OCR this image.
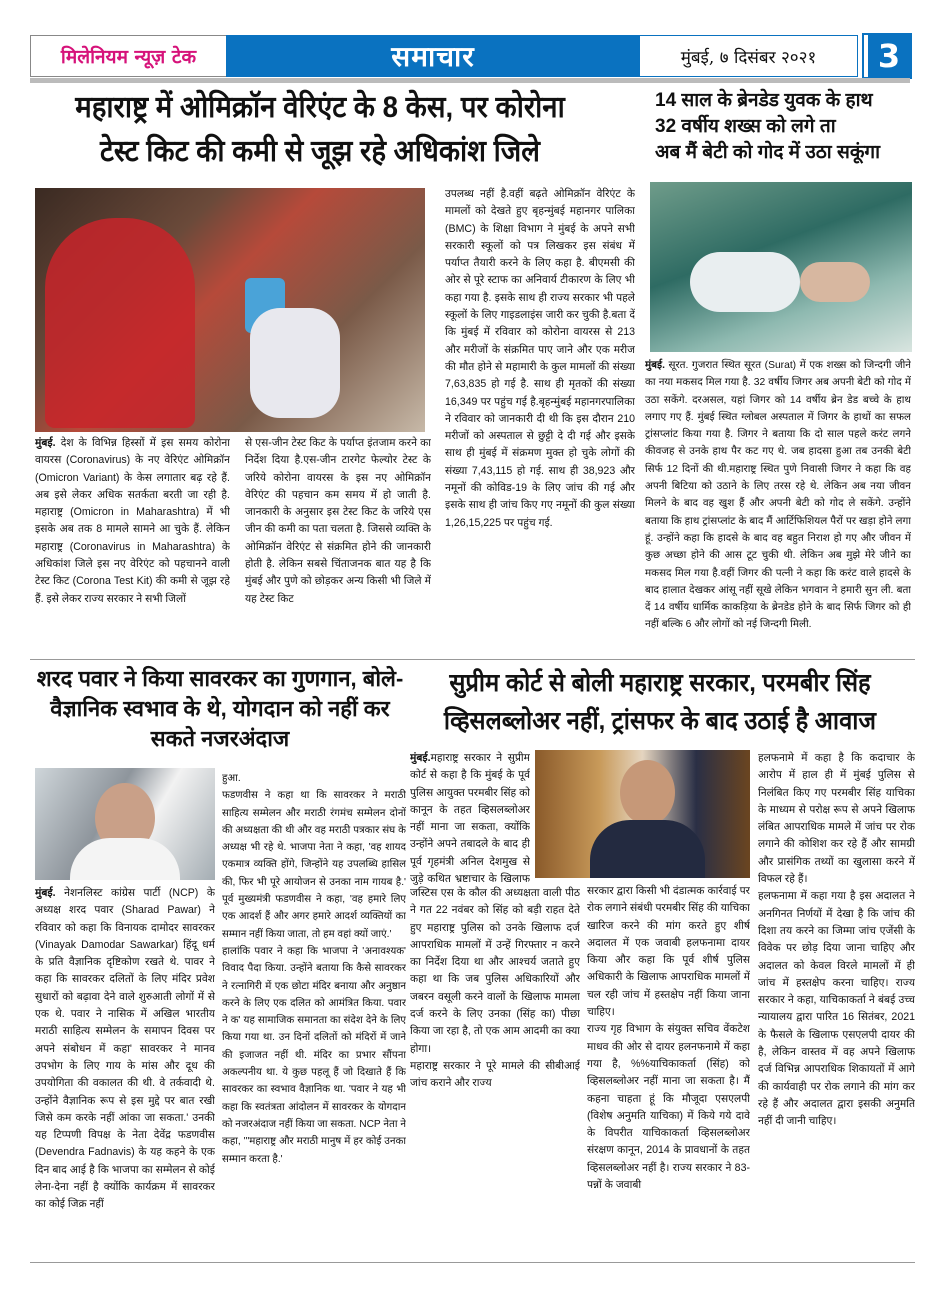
मिलेनियम न्यूज़ टेक	समाचार	मुंबई, ७ दिसंबर २०२१	3
महाराष्ट्र में ओमिक्रॉन वेरिएंट के 8 केस, पर कोरोना टेस्ट किट की कमी से जूझ रहे अधिकांश जिले
14 साल के ब्रेनडेड युवक के हाथ
32 वर्षीय शख्स को लगे ता
अब मैं बेटी को गोद में उठा सकूंगा
मुंबई. देश के विभिन्न हिस्सों में इस समय कोरोना वायरस (Coronavirus) के नए वेरिएंट ओमिक्रॉन (Omicron Variant) के केस लगातार बढ़ रहे हैं. अब इसे लेकर अधिक सतर्कता बरती जा रही है. महाराष्ट्र (Omicron in Maharashtra) में भी इसके अब तक 8 मामले सामने आ चुके हैं. लेकिन महाराष्ट्र (Coronavirus in Maharashtra) के अधिकांश जिले इस नए वेरिएंट को पहचानने वाली टेस्ट किट (Corona Test Kit) की कमी से जूझ रहे हैं. इसे लेकर राज्य सरकार ने सभी जिलों
से एस-जीन टेस्ट किट के पर्याप्त इंतजाम करने का निर्देश दिया है.एस-जीन टारगेट फेल्योर टेस्ट के जरिये कोरोना वायरस के इस नए ओमिक्रॉन वेरिएंट की पहचान कम समय में हो जाती है. जानकारी के अनुसार इस टेस्ट किट के जरिये एस जीन की कमी का पता चलता है. जिससे व्यक्ति के ओमिक्रॉन वेरिएंट से संक्रमित होने की जानकारी होती है. लेकिन सबसे चिंताजनक बात यह है कि मुंबई और पुणे को छोड़कर अन्य किसी भी जिले में यह टेस्ट किट
उपलब्ध नहीं है.वहीं बढ़ते ओमिक्रॉन वेरिएंट के मामलों को देखते हुए बृहन्मुंबई महानगर पालिका (BMC) के शिक्षा विभाग ने मुंबई के अपने सभी सरकारी स्कूलों को पत्र लिखकर इस संबंध में पर्याप्त तैयारी करने के लिए कहा है. बीएमसी की ओर से पूरे स्टाफ का अनिवार्य टीकारण के लिए भी कहा गया है. इसके साथ ही राज्य सरकार भी पहले स्कूलों के लिए गाइडलाइंस जारी कर चुकी है.बता दें कि मुंबई में रविवार को कोरोना वायरस से 213 और मरीजों के संक्रमित पाए जाने और एक मरीज की मौत होने से महामारी के कुल मामलों की संख्या 7,63,835 हो गई है. साथ ही मृतकों की संख्या 16,349 पर पहुंच गई है.बृहन्मुंबई महानगरपालिका ने रविवार को जानकारी दी थी कि इस दौरान 210 मरीजों को अस्पताल से छुट्टी दे दी गई और इसके साथ ही मुंबई में संक्रमण मुक्त हो चुके लोगों की संख्या 7,43,115 हो गई. साथ ही 38,923 और नमूनों की कोविड-19 के लिए जांच की गई और इसके साथ ही जांच किए गए नमूनों की कुल संख्या 1,26,15,225 पर पहुंच गई.
मुंबई. सूरत. गुजरात स्थित सूरत (Surat) में एक शख्स को जिन्दगी जीने का नया मकसद मिल गया है. 32 वर्षीय जिगर अब अपनी बेटी को गोद में उठा सकेंगे. दरअसल, यहां जिगर को 14 वर्षीय ब्रेन डेड बच्चे के हाथ लगाए गए हैं. मुंबई स्थित ग्लोबल अस्पताल में जिगर के हाथों का सफल ट्रांसप्लांट किया गया है. जिगर ने बताया कि दो साल पहले करंट लगने कीवजह से उनके हाथ पैर कट गए थे. जब हादसा हुआ तब उनकी बेटी सिर्फ 12 दिनों की थी.महाराष्ट्र स्थित पुणे निवासी जिगर ने कहा कि वह अपनी बिटिया को उठाने के लिए तरस रहे थे. लेकिन अब नया जीवन मिलने के बाद वह खुश हैं और अपनी बेटी को गोद ले सकेंगे. उन्होंने बताया कि हाथ ट्रांसप्लांट के बाद मैं आर्टिफिशियल पैरों पर खड़ा होने लगा हूं. उन्होंने कहा कि हादसे के बाद वह बहुत निराश हो गए और जीवन में कुछ अच्छा होने की आस टूट चुकी थी. लेकिन अब मुझे मेरे जीने का मकसद मिल गया है.वहीं जिगर की पत्नी ने कहा कि करंट वाले हादसे के बाद हालात देखकर आंसू नहीं सूखे लेकिन भगवान ने हमारी सुन ली. बता दें 14 वर्षीय धार्मिक काकड़िया के ब्रेनडेड होने के बाद सिर्फ जिगर को ही नहीं बल्कि 6 और लोगों को नई जिन्दगी मिली.
शरद पवार ने किया सावरकर का गुणगान, बोले- वैज्ञानिक स्वभाव के थे, योगदान को नहीं कर सकते नजरअंदाज
मुंबई. नेशनलिस्ट कांग्रेस पार्टी (NCP) के अध्यक्ष शरद पवार (Sharad Pawar) ने रविवार को कहा कि विनायक दामोदर सावरकर (Vinayak Damodar Sawarkar) हिंदू धर्म के प्रति वैज्ञानिक दृष्टिकोण रखते थे. पावर ने कहा कि सावरकर दलितों के लिए मंदिर प्रवेश सुधारों को बढ़ावा देने वाले शुरुआती लोगों में से एक थे. पवार ने नासिक में अखिल भारतीय मराठी साहित्य सम्मेलन के समापन दिवस पर अपने संबोधन में कहा' सावरकर ने मानव उपभोग के लिए गाय के मांस और दूध की उपयोगिता की वकालत की थी. वे तर्कवादी थे. उन्होंने वैज्ञानिक रूप से इस मुद्दे पर बात रखी जिसे कम करके नहीं आंका जा सकता.' उनकी यह टिप्पणी विपक्ष के नेता देवेंद्र फडणवीस (Devendra Fadnavis) के यह कहने के एक दिन बाद आई है कि भाजपा का सम्मेलन से कोई लेना-देना नहीं है क्योंकि कार्यक्रम में सावरकर का कोई जिक्र नहीं

हुआ.

फडणवीस ने कहा था कि सावरकर ने मराठी साहित्य सम्मेलन और मराठी रंगमंच सम्मेलन दोनों की अध्यक्षता की थी और वह मराठी पत्रकार संघ के अध्यक्ष भी रहे थे. भाजपा नेता ने कहा, 'वह शायद एकमात्र व्यक्ति होंगे, जिन्होंने यह उपलब्धि हासिल की, फिर भी पूरे आयोजन से उनका नाम गायब है.' पूर्व मुख्यमंत्री फडणवीस ने कहा, 'वह हमारे लिए एक आदर्श हैं और अगर हमारे आदर्श व्यक्तियों का सम्मान नहीं किया जाता, तो हम वहां क्यों जाएं.'

हालांकि पवार ने कहा कि भाजपा ने 'अनावश्यक' विवाद पैदा किया. उन्होंने बताया कि कैसे सावरकर ने रत्नागिरी में एक छोटा मंदिर बनाया और अनुष्ठान करने के लिए एक दलित को आमंत्रित किया. पवार ने क' यह सामाजिक समानता का संदेश देने के लिए किया गया था. उन दिनों दलितों को मंदिरों में जाने की इजाजत नहीं थी. मंदिर का प्रभार सौंपना अकल्पनीय था. ये कुछ पहलू हैं जो दिखाते हैं कि सावरकर का स्वभाव वैज्ञानिक था. 'पवार ने यह भी कहा कि स्वतंत्रता आंदोलन में सावरकर के योगदान को नजरअंदाज नहीं किया जा सकता. NCP नेता ने कहा, '"महाराष्ट्र और मराठी मानुष में हर कोई उनका सम्मान करता है.'

सुप्रीम कोर्ट से बोली महाराष्ट्र सरकार, परमबीर सिंह व्हिसलब्लोअर नहीं, ट्रांसफर के बाद उठाई है आवाज
मुंबई.महाराष्ट्र सरकार ने सुप्रीम कोर्ट से कहा है कि मुंबई के पूर्व पुलिस आयुक्त परमबीर सिंह को कानून के तहत व्हिसलब्लोअर नहीं माना जा सकता, क्योंकि उन्होंने अपने तबादले के बाद ही पूर्व गृहमंत्री अनिल देशमुख से जुड़े कथित भ्रष्टाचार के खिलाफ

जस्टिस एस के कौल की अध्यक्षता वाली पीठ ने गत 22 नवंबर को सिंह को बड़ी राहत देते हुए महाराष्ट्र पुलिस को उनके खिलाफ दर्ज आपराधिक मामलों में उन्हें गिरफ्तार न करने का निर्देश दिया था और आश्चर्य जताते हुए कहा था कि जब पुलिस अधिकारियों और जबरन वसूली करने वालों के खिलाफ मामला दर्ज करने के लिए उनका (सिंह का) पीछा किया जा रहा है, तो एक आम आदमी का क्या होगा।

महाराष्ट्र सरकार ने पूरे मामले की सीबीआई जांच कराने और राज्य

सरकार द्वारा किसी भी दंडात्मक कार्रवाई पर रोक लगाने संबंधी परमबीर सिंह की याचिका खारिज करने की मांग करते हुए शीर्ष अदालत में एक जवाबी हलफनामा दायर किया और कहा कि पूर्व शीर्ष पुलिस अधिकारी के खिलाफ आपराधिक मामलों में चल रही जांच में हस्तक्षेप नहीं किया जाना चाहिए।

राज्य गृह विभाग के संयुक्त सचिव वेंकटेश माधव की ओर से दायर हलनफनामे में कहा गया है, %%याचिकाकर्ता (सिंह) को व्हिसलब्लोअर नहीं माना जा सकता है। मैं कहना चाहता हूं कि मौजूदा एसएलपी (विशेष अनुमति याचिका) में किये गये दावे के विपरीत याचिकाकर्ता व्हिसलब्लोअर संरक्षण कानून, 2014 के प्रावधानों के तहत व्हिसलब्लोअर नहीं है। राज्य सरकार ने 83-पन्नों के जवाबी

हलफनामे में कहा है कि कदाचार के आरोप में हाल ही में मुंबई पुलिस से निलंबित किए गए परमबीर सिंह याचिका के माध्यम से परोक्ष रूप से अपने खिलाफ लंबित आपराधिक मामले में जांच पर रोक लगाने की कोशिश कर रहे हैं और सामग्री और प्रासंगिक तथ्यों का खुलासा करने में विफल रहे हैं।

हलफनामा में कहा गया है इस अदालत ने अनगिनत निर्णयों में देखा है कि जांच की दिशा तय करने का जिम्मा जांच एजेंसी के विवेक पर छोड़ दिया जाना चाहिए और अदालत को केवल विरले मामलों में ही जांच में हस्तक्षेप करना चाहिए। राज्य सरकार ने कहा, याचिकाकर्ता ने बंबई उच्च न्यायालय द्वारा पारित 16 सितंबर, 2021 के फैसले के खिलाफ एसएलपी दायर की है, लेकिन वास्तव में वह अपने खिलाफ दर्ज विभिन्न आपराधिक शिकायतों में आगे की कार्यवाही पर रोक लगाने की मांग कर रहे हैं और अदालत द्वारा इसकी अनुमति नहीं दी जानी चाहिए।
